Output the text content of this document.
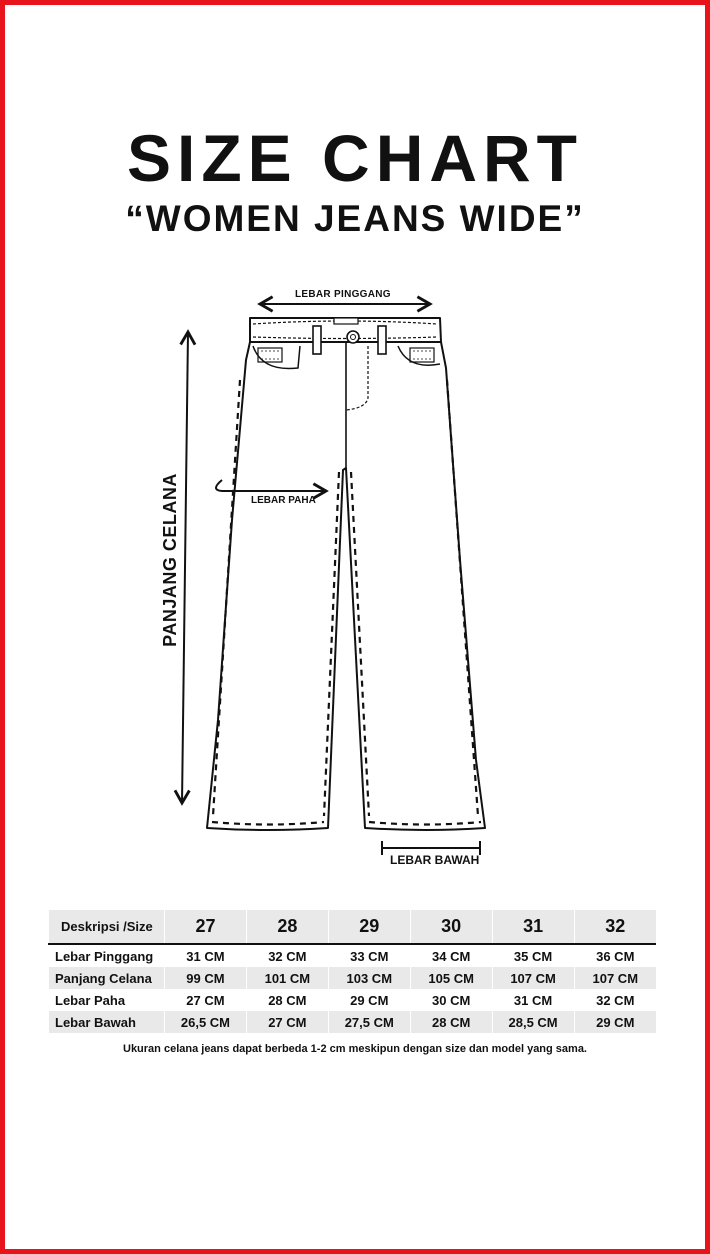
SIZE CHART
“WOMEN JEANS WIDE”
LEBAR PINGGANG
LEBAR PAHA
LEBAR BAWAH
PANJANG CELANA
Deskripsi /Size	27	28	29	30	31	32
Lebar Pinggang	31 CM	32 CM	33 CM	34 CM	35 CM	36 CM
Panjang Celana	99 CM	101 CM	103 CM	105 CM	107 CM	107 CM
Lebar Paha	27 CM	28 CM	29 CM	30 CM	31 CM	32 CM
Lebar Bawah	26,5 CM	27 CM	27,5 CM	28 CM	28,5 CM	29 CM
Ukuran celana jeans dapat berbeda 1-2 cm meskipun dengan size dan model yang sama.
